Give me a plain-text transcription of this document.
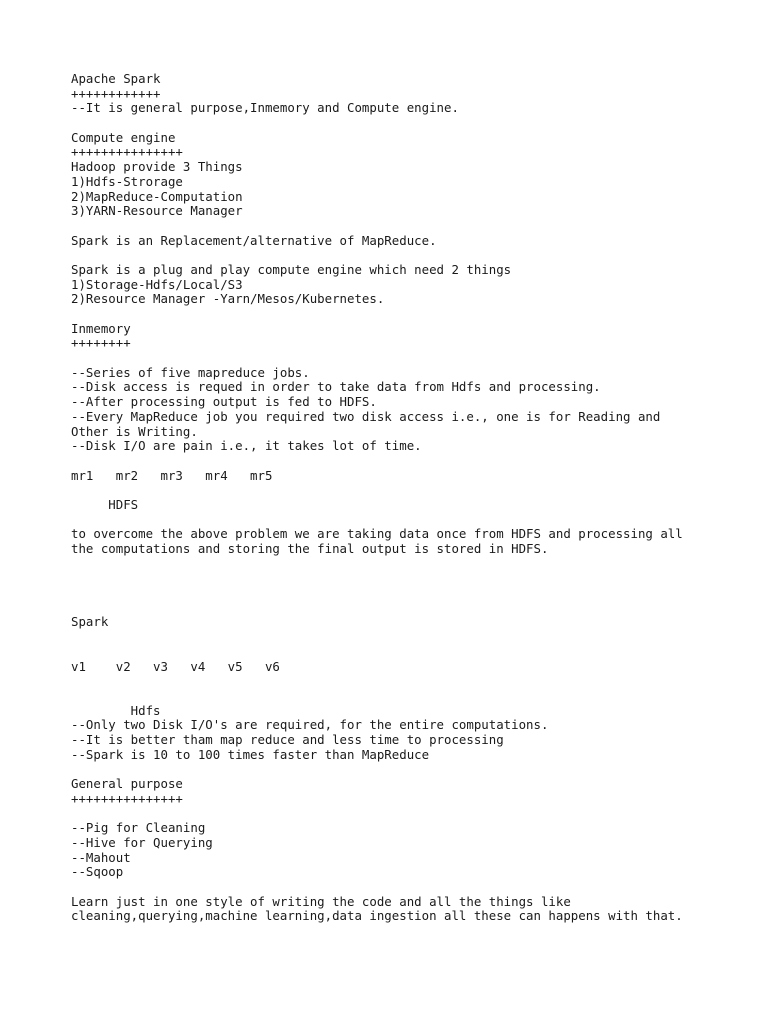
Apache Spark
++++++++++++
--It is general purpose,Inmemory and Compute engine.
Compute engine
+++++++++++++++
Hadoop provide 3 Things
1)Hdfs-Strorage
2)MapReduce-Computation
3)YARN-Resource Manager
Spark is an Replacement/alternative of MapReduce.
Spark is a plug and play compute engine which need 2 things
1)Storage-Hdfs/Local/S3
2)Resource Manager -Yarn/Mesos/Kubernetes.
Inmemory
++++++++
--Series of five mapreduce jobs.
--Disk access is requed in order to take data from Hdfs and processing.
--After processing output is fed to HDFS.
--Every MapReduce job you required two disk access i.e., one is for Reading and
Other is Writing.
--Disk I/O are pain i.e., it takes lot of time.
mr1   mr2   mr3   mr4   mr5
HDFS
to overcome the above problem we are taking data once from HDFS and processing all
the computations and storing the final output is stored in HDFS.
Spark
v1    v2   v3   v4   v5   v6
Hdfs
--Only two Disk I/O's are required, for the entire computations.
--It is better tham map reduce and less time to processing
--Spark is 10 to 100 times faster than MapReduce
General purpose
+++++++++++++++
--Pig for Cleaning
--Hive for Querying
--Mahout
--Sqoop
Learn just in one style of writing the code and all the things like
cleaning,querying,machine learning,data ingestion all these can happens with that.
